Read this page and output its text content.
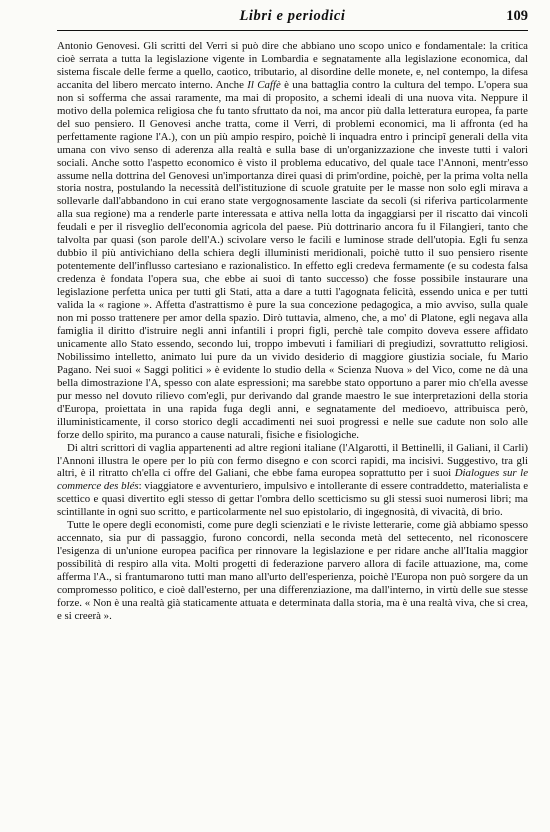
Libri e periodici	109

Antonio Genovesi. Gli scritti del Verri si può dire che abbiano uno scopo unico e fondamentale: la critica cioè serrata a tutta la legislazione vigente in Lombardia e segnatamente alla legislazione economica, dal sistema fiscale delle ferme a quello, caotico, tributario, al disordine delle monete, e, nel contempo, la difesa accanita del libero mercato interno. Anche Il Caffè è una battaglia contro la cultura del tempo. L'opera sua non si sofferma che assai raramente, ma mai di proposito, a schemi ideali di una nuova vita. Neppure il motivo della polemica religiosa che fu tanto sfruttato da noi, ma ancor più dalla letteratura europea, fa parte del suo pensiero. Il Genovesi anche tratta, come il Verri, di problemi economici, ma li affronta (ed ha perfettamente ragione l'A.), con un più ampio respiro, poichè li inquadra entro i principî generali della vita umana con vivo senso di aderenza alla realtà e sulla base di un'organizzazione che investe tutti i valori sociali. Anche sotto l'aspetto economico è visto il problema educativo, del quale tace l'Annoni, mentr'esso assume nella dottrina del Genovesi un'importanza direi quasi di prim'ordine, poichè, per la prima volta nella storia nostra, postulando la necessità dell'istituzione di scuole gratuite per le masse non solo egli mirava a sollevarle dall'abbandono in cui erano state vergognosamente lasciate da secoli (si riferiva particolarmente alla sua regione) ma a renderle parte interessata e attiva nella lotta da ingaggiarsi per il riscatto dai vincoli feudali e per il risveglio dell'economia agricola del paese. Più dottrinario ancora fu il Filangieri, tanto che talvolta par quasi (son parole dell'A.) scivolare verso le facili e luminose strade dell'utopia. Egli fu senza dubbio il più antivichiano della schiera degli illuministi meridionali, poichè tutto il suo pensiero risente potentemente dell'influsso cartesiano e razionalistico. In effetto egli credeva fermamente (e su codesta falsa credenza è fondata l'opera sua, che ebbe ai suoi dì tanto successo) che fosse possibile instaurare una legislazione perfetta unica per tutti gli Stati, atta a dare a tutti l'agognata felicità, essendo unica e per tutti valida la « ragione ». Affetta d'astrattismo è pure la sua concezione pedagogica, a mio avviso, sulla quale non mi posso trattenere per amor della spazio. Dirò tuttavia, almeno, che, a mo' di Platone, egli negava alla famiglia il diritto d'istruire negli anni infantili i propri figli, perchè tale compito doveva essere affidato unicamente allo Stato essendo, secondo lui, troppo imbevuti i familiari di pregiudizi, sovrattutto religiosi. Nobilissimo intelletto, animato lui pure da un vivido desiderio di maggiore giustizia sociale, fu Mario Pagano. Nei suoi « Saggi politici » è evidente lo studio della « Scienza Nuova » del Vico, come ne dà una bella dimostrazione l'A, spesso con alate espressioni; ma sarebbe stato opportuno a parer mio ch'ella avesse pur messo nel dovuto rilievo com'egli, pur derivando dal grande maestro le sue interpretazioni della storia d'Europa, proiettata in una rapida fuga degli anni, e segnatamente del medioevo, attribuisca però, illuministicamente, il corso storico degli accadimenti nei suoi progressi e nelle sue cadute non solo alle forze dello spirito, ma puranco a cause naturali, fisiche e fisiologiche.

Di altri scrittori di vaglia appartenenti ad altre regioni italiane (l'Algarotti, il Bettinelli, il Galiani, il Carli) l'Annoni illustra le opere per lo più con fermo disegno e con scorci rapidi, ma incisivi. Suggestivo, tra gli altri, è il ritratto ch'ella ci offre del Galiani, che ebbe fama europea soprattutto per i suoi Dialogues sur le commerce des blés: viaggiatore e avventuriero, impulsivo e intollerante di essere contraddetto, materialista e scettico e quasi divertito egli stesso di gettar l'ombra dello scetticismo su gli stessi suoi numerosi libri; ma scintillante in ogni suo scritto, e particolarmente nel suo epistolario, di ingegnosità, di vivacità, di brio.

Tutte le opere degli economisti, come pure degli scienziati e le riviste letterarie, come già abbiamo spesso accennato, sia pur di passaggio, furono concordi, nella seconda metà del settecento, nel riconoscere l'esigenza di un'unione europea pacifica per rinnovare la legislazione e per ridare anche all'Italia maggior possibilità di respiro alla vita. Molti progetti di federazione parvero allora di facile attuazione, ma, come afferma l'A., si frantumarono tutti man mano all'urto dell'esperienza, poichè l'Europa non può sorgere da un compromesso politico, e cioè dall'esterno, per una differenziazione, ma dall'interno, in virtù delle sue stesse forze. « Non è una realtà già staticamente attuata e determinata dalla storia, ma è una realtà viva, che si crea, e si creerà ».
